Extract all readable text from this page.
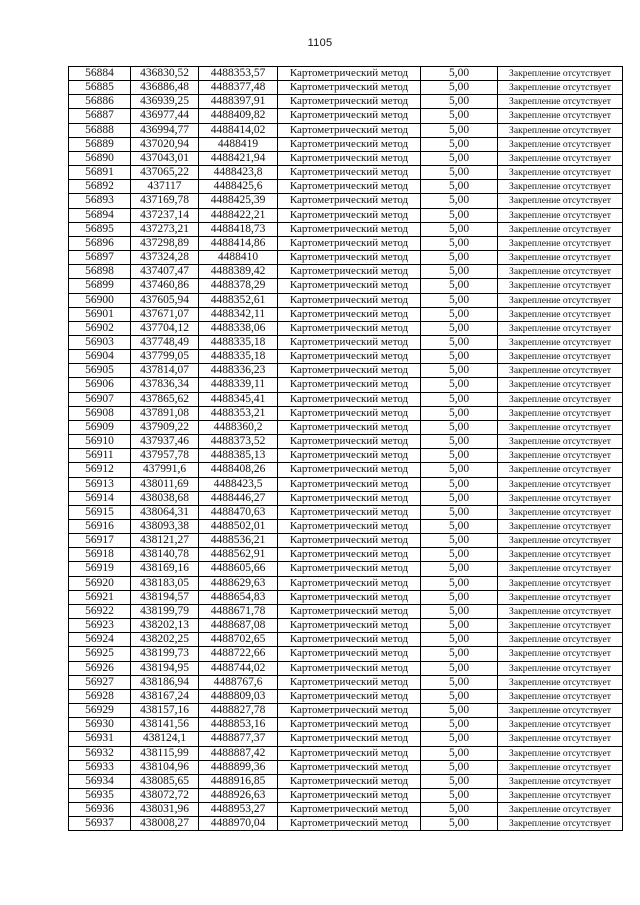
1105
56884	436830,52	4488353,57	Картометрический метод	5,00	Закрепление отсутствует
56885	436886,48	4488377,48	Картометрический метод	5,00	Закрепление отсутствует
56886	436939,25	4488397,91	Картометрический метод	5,00	Закрепление отсутствует
56887	436977,44	4488409,82	Картометрический метод	5,00	Закрепление отсутствует
56888	436994,77	4488414,02	Картометрический метод	5,00	Закрепление отсутствует
56889	437020,94	4488419	Картометрический метод	5,00	Закрепление отсутствует
56890	437043,01	4488421,94	Картометрический метод	5,00	Закрепление отсутствует
56891	437065,22	4488423,8	Картометрический метод	5,00	Закрепление отсутствует
56892	437117	4488425,6	Картометрический метод	5,00	Закрепление отсутствует
56893	437169,78	4488425,39	Картометрический метод	5,00	Закрепление отсутствует
56894	437237,14	4488422,21	Картометрический метод	5,00	Закрепление отсутствует
56895	437273,21	4488418,73	Картометрический метод	5,00	Закрепление отсутствует
56896	437298,89	4488414,86	Картометрический метод	5,00	Закрепление отсутствует
56897	437324,28	4488410	Картометрический метод	5,00	Закрепление отсутствует
56898	437407,47	4488389,42	Картометрический метод	5,00	Закрепление отсутствует
56899	437460,86	4488378,29	Картометрический метод	5,00	Закрепление отсутствует
56900	437605,94	4488352,61	Картометрический метод	5,00	Закрепление отсутствует
56901	437671,07	4488342,11	Картометрический метод	5,00	Закрепление отсутствует
56902	437704,12	4488338,06	Картометрический метод	5,00	Закрепление отсутствует
56903	437748,49	4488335,18	Картометрический метод	5,00	Закрепление отсутствует
56904	437799,05	4488335,18	Картометрический метод	5,00	Закрепление отсутствует
56905	437814,07	4488336,23	Картометрический метод	5,00	Закрепление отсутствует
56906	437836,34	4488339,11	Картометрический метод	5,00	Закрепление отсутствует
56907	437865,62	4488345,41	Картометрический метод	5,00	Закрепление отсутствует
56908	437891,08	4488353,21	Картометрический метод	5,00	Закрепление отсутствует
56909	437909,22	4488360,2	Картометрический метод	5,00	Закрепление отсутствует
56910	437937,46	4488373,52	Картометрический метод	5,00	Закрепление отсутствует
56911	437957,78	4488385,13	Картометрический метод	5,00	Закрепление отсутствует
56912	437991,6	4488408,26	Картометрический метод	5,00	Закрепление отсутствует
56913	438011,69	4488423,5	Картометрический метод	5,00	Закрепление отсутствует
56914	438038,68	4488446,27	Картометрический метод	5,00	Закрепление отсутствует
56915	438064,31	4488470,63	Картометрический метод	5,00	Закрепление отсутствует
56916	438093,38	4488502,01	Картометрический метод	5,00	Закрепление отсутствует
56917	438121,27	4488536,21	Картометрический метод	5,00	Закрепление отсутствует
56918	438140,78	4488562,91	Картометрический метод	5,00	Закрепление отсутствует
56919	438169,16	4488605,66	Картометрический метод	5,00	Закрепление отсутствует
56920	438183,05	4488629,63	Картометрический метод	5,00	Закрепление отсутствует
56921	438194,57	4488654,83	Картометрический метод	5,00	Закрепление отсутствует
56922	438199,79	4488671,78	Картометрический метод	5,00	Закрепление отсутствует
56923	438202,13	4488687,08	Картометрический метод	5,00	Закрепление отсутствует
56924	438202,25	4488702,65	Картометрический метод	5,00	Закрепление отсутствует
56925	438199,73	4488722,66	Картометрический метод	5,00	Закрепление отсутствует
56926	438194,95	4488744,02	Картометрический метод	5,00	Закрепление отсутствует
56927	438186,94	4488767,6	Картометрический метод	5,00	Закрепление отсутствует
56928	438167,24	4488809,03	Картометрический метод	5,00	Закрепление отсутствует
56929	438157,16	4488827,78	Картометрический метод	5,00	Закрепление отсутствует
56930	438141,56	4488853,16	Картометрический метод	5,00	Закрепление отсутствует
56931	438124,1	4488877,37	Картометрический метод	5,00	Закрепление отсутствует
56932	438115,99	4488887,42	Картометрический метод	5,00	Закрепление отсутствует
56933	438104,96	4488899,36	Картометрический метод	5,00	Закрепление отсутствует
56934	438085,65	4488916,85	Картометрический метод	5,00	Закрепление отсутствует
56935	438072,72	4488926,63	Картометрический метод	5,00	Закрепление отсутствует
56936	438031,96	4488953,27	Картометрический метод	5,00	Закрепление отсутствует
56937	438008,27	4488970,04	Картометрический метод	5,00	Закрепление отсутствует
